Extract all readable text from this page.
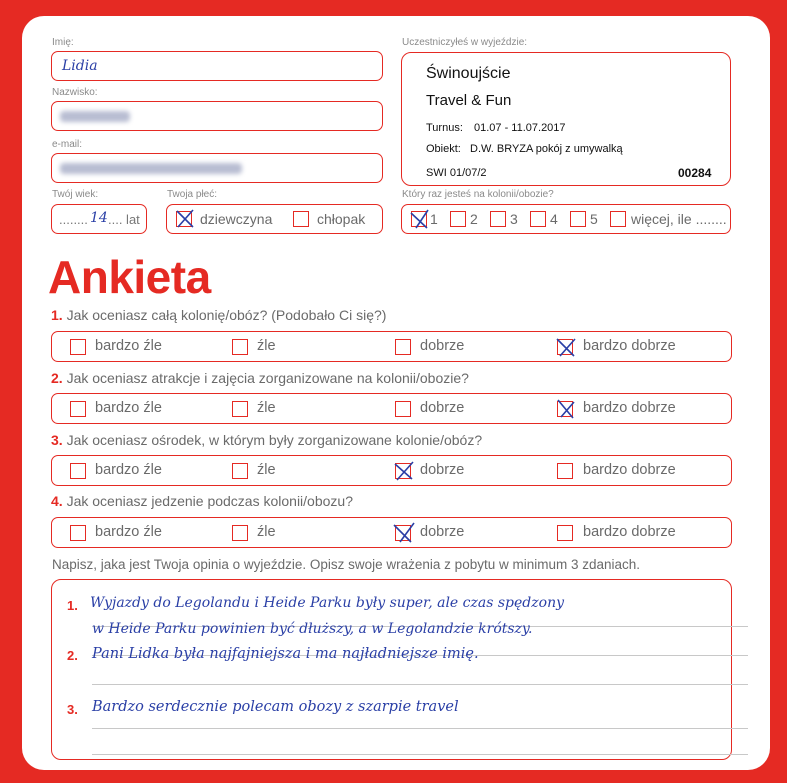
Imię:
Lidia
Nazwisko:
e-mail:
Twój wiek:
........ 14 .... lat
Twoja płeć:
dziewczyna	chłopak
Uczestniczyłeś w wyjeździe:
Świnoujście
Travel & Fun
Turnus: 01.07 - 11.07.2017
Obiekt: D.W. BRYZA pokój z umywalką
SWI 01/07/2	00284
Który raz jesteś na kolonii/obozie?
1 2 3 4 5 więcej, ile ........
Ankieta
1. Jak oceniasz całą kolonię/obóz? (Podobało Ci się?)
bardzo źle	źle	dobrze	bardzo dobrze
2. Jak oceniasz atrakcje i zajęcia zorganizowane na kolonii/obozie?
bardzo źle	źle	dobrze	bardzo dobrze
3. Jak oceniasz ośrodek, w którym były zorganizowane kolonie/obóz?
bardzo źle	źle	dobrze	bardzo dobrze
4. Jak oceniasz jedzenie podczas kolonii/obozu?
bardzo źle	źle	dobrze	bardzo dobrze
Napisz, jaka jest Twoja opinia o wyjeździe. Opisz swoje wrażenia z pobytu w minimum 3 zdaniach.
1.
2.
3.
Wyjazdy do Legolandu i Heide Parku były super, ale czas spędzony
w Heide Parku powinien być dłuższy, a w Legolandzie krótszy.
Pani Lidka była najfajniejsza i ma najładniejsze imię.
Bardzo serdecznie polecam obozy z szarpie travel
